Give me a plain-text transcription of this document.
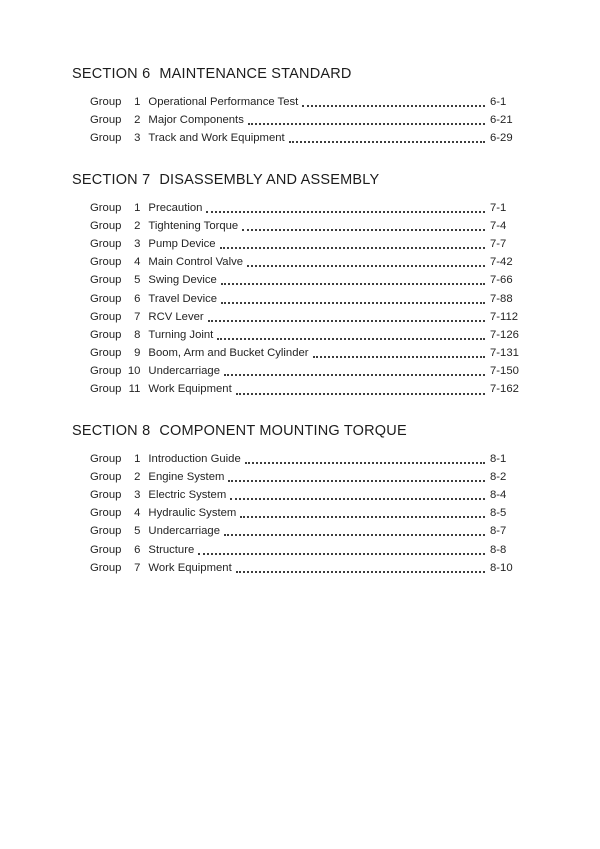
SECTION 6 MAINTENANCE STANDARD
Group	1 Operational Performance Test	6-1
Group	2 Major Components	6-21
Group	3 Track and Work Equipment	6-29
SECTION 7 DISASSEMBLY AND ASSEMBLY
Group	1 Precaution	7-1
Group	2 Tightening Torque	7-4
Group	3 Pump Device	7-7
Group	4 Main Control Valve	7-42
Group	5 Swing Device	7-66
Group	6 Travel Device	7-88
Group	7 RCV Lever	7-112
Group	8 Turning Joint	7-126
Group	9 Boom, Arm and Bucket Cylinder	7-131
Group 10 Undercarriage	7-150
Group 11 Work Equipment	7-162
SECTION 8 COMPONENT MOUNTING TORQUE
Group	1 Introduction Guide	8-1
Group	2 Engine System	8-2
Group	3 Electric System	8-4
Group	4 Hydraulic System	8-5
Group	5 Undercarriage	8-7
Group	6 Structure	8-8
Group	7 Work Equipment	8-10
